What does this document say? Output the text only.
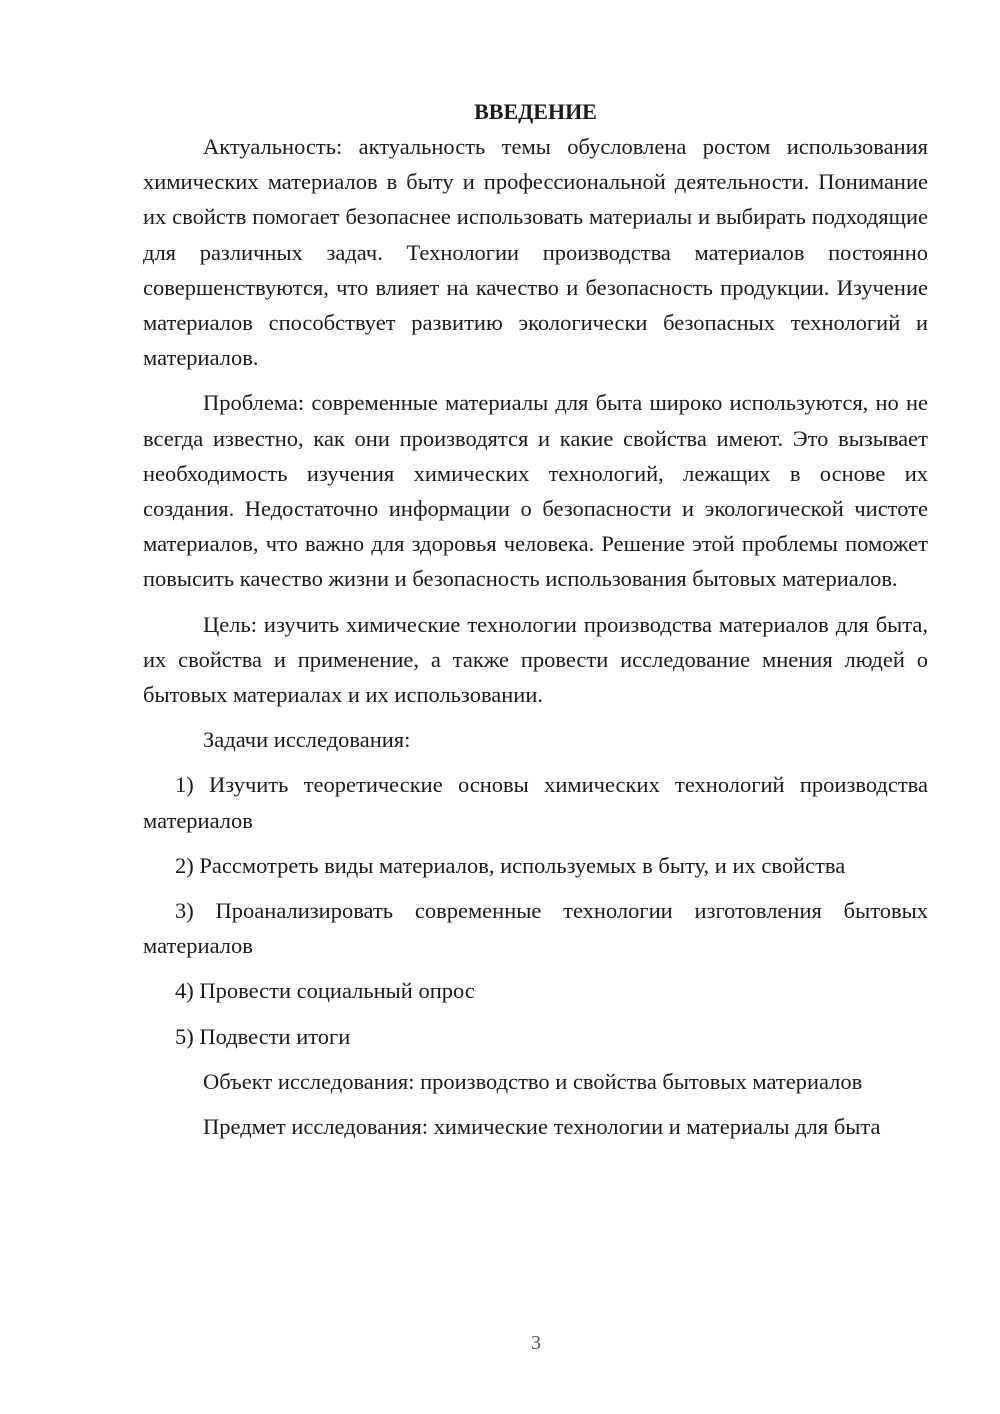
ВВЕДЕНИЕ

Актуальность: актуальность темы обусловлена ростом использования химических материалов в быту и профессиональной деятельности. Понимание их свойств помогает безопаснее использовать материалы и выбирать подходящие для различных задач. Технологии производства материалов постоянно совершенствуются, что влияет на качество и безопасность продукции. Изучение материалов способствует развитию экологически безопасных технологий и материалов.

Проблема: современные материалы для быта широко используются, но не всегда известно, как они производятся и какие свойства имеют. Это вызывает необходимость изучения химических технологий, лежащих в основе их создания. Недостаточно информации о безопасности и экологической чистоте материалов, что важно для здоровья человека. Решение этой проблемы поможет повысить качество жизни и безопасность использования бытовых материалов.

Цель: изучить химические технологии производства материалов для быта, их свойства и применение, а также провести исследование мнения людей о бытовых материалах и их использовании.

Задачи исследования:

1) Изучить теоретические основы химических технологий производства материалов

2) Рассмотреть виды материалов, используемых в быту, и их свойства

3) Проанализировать современные технологии изготовления бытовых материалов

4) Провести социальный опрос

5) Подвести итоги

Объект исследования: производство и свойства бытовых материалов

Предмет исследования: химические технологии и материалы для быта

3
